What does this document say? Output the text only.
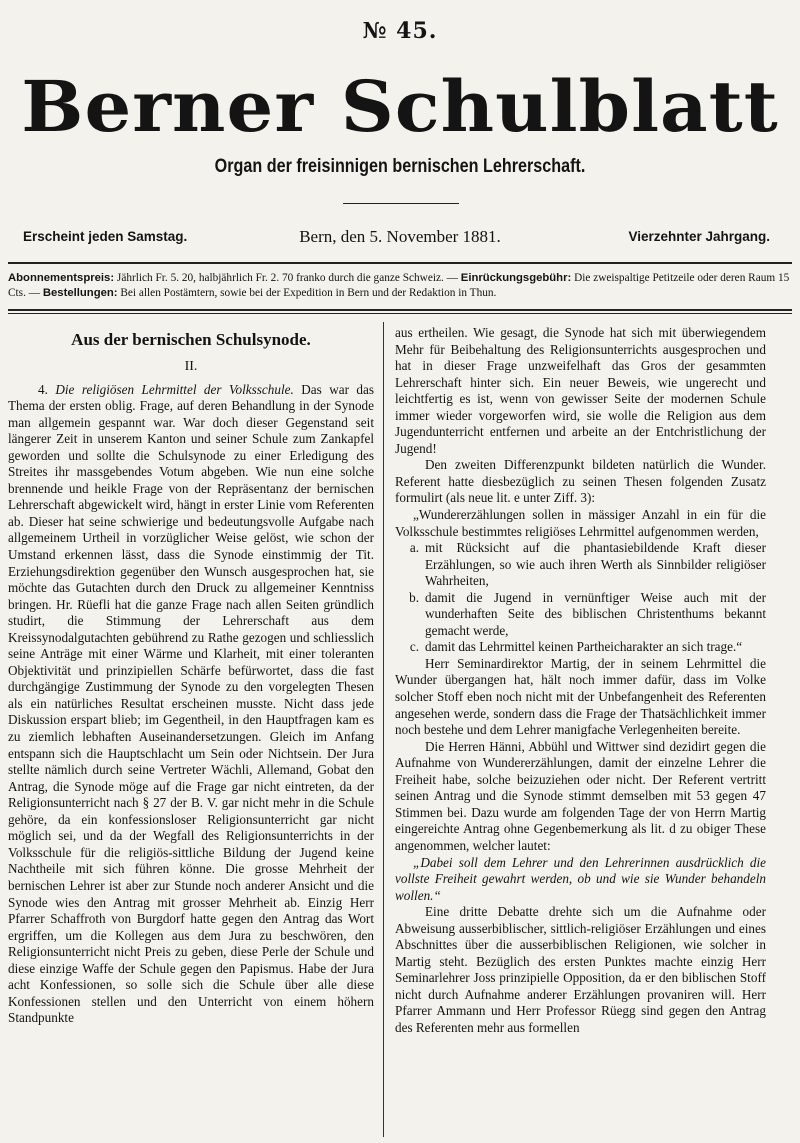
№ 45.
Berner Schulblatt
Organ der freisinnigen bernischen Lehrerschaft.
Erscheint jeden Samstag.	Bern, den 5. November 1881.	Vierzehnter Jahrgang.
Abonnementspreis: Jährlich Fr. 5. 20, halbjährlich Fr. 2. 70 franko durch die ganze Schweiz. — Einrückungsgebühr: Die zweispaltige Petitzeile oder deren Raum 15 Cts. — Bestellungen: Bei allen Postämtern, sowie bei der Expedition in Bern und der Redaktion in Thun.
Aus der bernischen Schulsynode.
II.

4. Die religiösen Lehrmittel der Volksschule. Das war das Thema der ersten oblig. Frage, auf deren Behandlung in der Synode man allgemein gespannt war. War doch dieser Gegenstand seit längerer Zeit in unserem Kanton und seiner Schule zum Zankapfel geworden und sollte die Schulsynode zu einer Erledigung des Streites ihr massgebendes Votum abgeben. Wie nun eine solche brennende und heikle Frage von der Repräsentanz der bernischen Lehrerschaft abgewickelt wird, hängt in erster Linie vom Referenten ab. Dieser hat seine schwierige und bedeutungsvolle Aufgabe nach allgemeinem Urtheil in vorzüglicher Weise gelöst, wie schon der Umstand erkennen lässt, dass die Synode einstimmig der Tit. Erziehungsdirektion gegenüber den Wunsch ausgesprochen hat, sie möchte das Gutachten durch den Druck zu allgemeiner Kenntniss bringen. Hr. Rüefli hat die ganze Frage nach allen Seiten gründlich studirt, die Stimmung der Lehrerschaft aus dem Kreissynodalgutachten gebührend zu Rathe gezogen und schliesslich seine Anträge mit einer Wärme und Klarheit, mit einer toleranten Objektivität und prinzipiellen Schärfe befürwortet, dass die fast durchgängige Zustimmung der Synode zu den vorgelegten Thesen als ein natürliches Resultat erscheinen musste. Nicht dass jede Diskussion erspart blieb; im Gegentheil, in den Hauptfragen kam es zu ziemlich lebhaften Auseinandersetzungen. Gleich im Anfang entspann sich die Hauptschlacht um Sein oder Nichtsein. Der Jura stellte nämlich durch seine Vertreter Wächli, Allemand, Gobat den Antrag, die Synode möge auf die Frage gar nicht eintreten, da der Religionsunterricht nach § 27 der B. V. gar nicht mehr in die Schule gehöre, da ein konfessionsloser Religionsunterricht gar nicht möglich sei, und da der Wegfall des Religionsunterrichts in der Volksschule für die religiös-sittliche Bildung der Jugend keine Nachtheile mit sich führen könne. Die grosse Mehrheit der bernischen Lehrer ist aber zur Stunde noch anderer Ansicht und die Synode wies den Antrag mit grosser Mehrheit ab. Einzig Herr Pfarrer Schaffroth von Burgdorf hatte gegen den Antrag das Wort ergriffen, um die Kollegen aus dem Jura zu beschwören, den Religionsunterricht nicht Preis zu geben, diese Perle der Schule und diese einzige Waffe der Schule gegen den Papismus. Habe der Jura acht Konfessionen, so solle sich die Schule über alle diese Konfessionen stellen und den Unterricht von einem höhern Standpunkte

aus ertheilen. Wie gesagt, die Synode hat sich mit überwiegendem Mehr für Beibehaltung des Religionsunterrichts ausgesprochen und hat in dieser Frage unzweifelhaft das Gros der gesammten Lehrerschaft hinter sich. Ein neuer Beweis, wie ungerecht und leichtfertig es ist, wenn von gewisser Seite der modernen Schule immer wieder vorgeworfen wird, sie wolle die Religion aus dem Jugendunterricht entfernen und arbeite an der Entchristlichung der Jugend!

Den zweiten Differenzpunkt bildeten natürlich die Wunder. Referent hatte diesbezüglich zu seinen Thesen folgenden Zusatz formulirt (als neue lit. e unter Ziff. 3):

„Wundererzählungen sollen in mässiger Anzahl in ein für die Volksschule bestimmtes religiöses Lehrmittel aufgenommen werden,

a. mit Rücksicht auf die phantasiebildende Kraft dieser Erzählungen, so wie auch ihren Werth als Sinnbilder religiöser Wahrheiten,
b. damit die Jugend in vernünftiger Weise auch mit der wunderhaften Seite des biblischen Christenthums bekannt gemacht werde,
c. damit das Lehrmittel keinen Partheicharakter an sich trage.“

Herr Seminardirektor Martig, der in seinem Lehrmittel die Wunder übergangen hat, hält noch immer dafür, dass im Volke solcher Stoff eben noch nicht mit der Unbefangenheit des Referenten angesehen werde, sondern dass die Frage der Thatsächlichkeit immer noch bestehe und dem Lehrer manigfache Verlegenheiten bereite.

Die Herren Hänni, Abbühl und Wittwer sind dezidirt gegen die Aufnahme von Wundererzählungen, damit der einzelne Lehrer die Freiheit habe, solche beizuziehen oder nicht. Der Referent vertritt seinen Antrag und die Synode stimmt demselben mit 53 gegen 47 Stimmen bei. Dazu wurde am folgenden Tage der von Herrn Martig eingereichte Antrag ohne Gegenbemerkung als lit. d zu obiger These angenommen, welcher lautet:

„Dabei soll dem Lehrer und den Lehrerinnen ausdrücklich die vollste Freiheit gewahrt werden, ob und wie sie Wunder behandeln wollen.“

Eine dritte Debatte drehte sich um die Aufnahme oder Abweisung ausserbiblischer, sittlich-religiöser Erzählungen und eines Abschnittes über die ausserbiblischen Religionen, wie solcher in Martig steht. Bezüglich des ersten Punktes machte einzig Herr Seminarlehrer Joss prinzipielle Opposition, da er den biblischen Stoff nicht durch Aufnahme anderer Erzählungen provaniren will. Herr Pfarrer Ammann und Herr Professor Rüegg sind gegen den Antrag des Referenten mehr aus formellen
